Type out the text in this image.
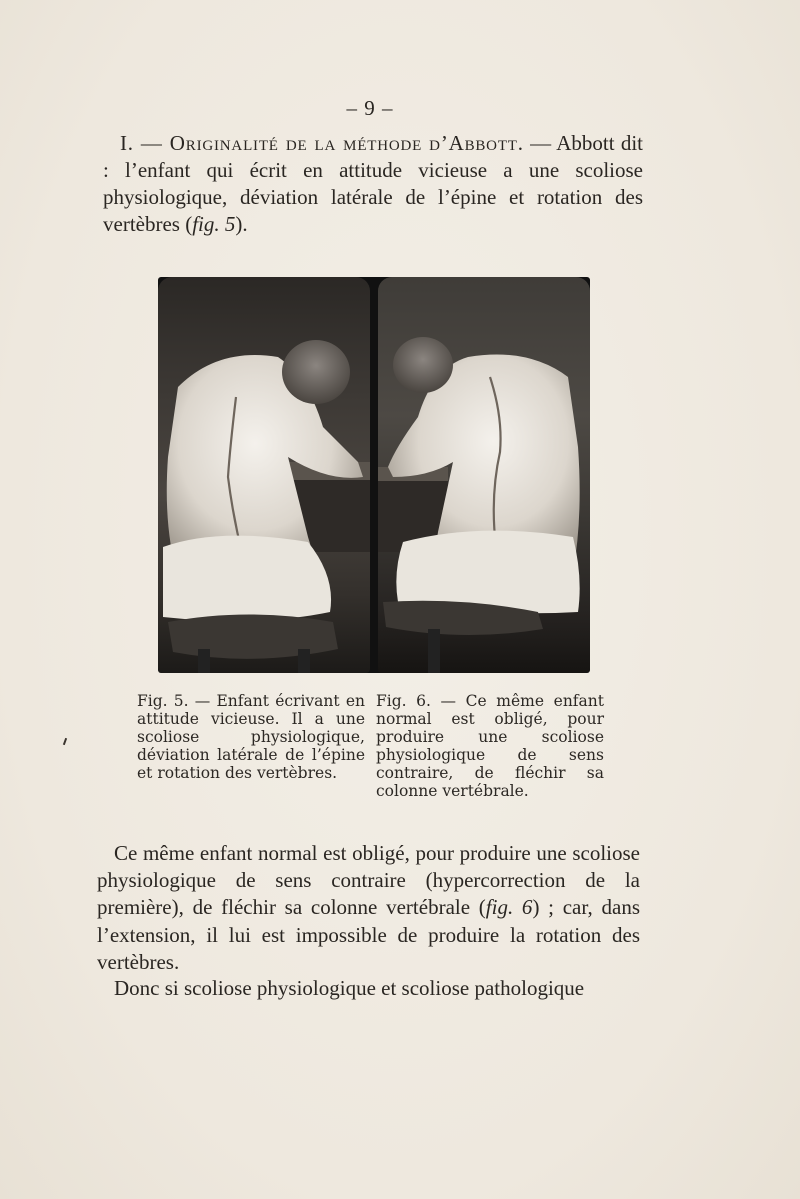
– 9 –

I. — Originalité de la méthode d’Abbott. — Abbott dit : l’enfant qui écrit en attitude vicieuse a une scoliose physiologique, déviation latérale de l’épine et rotation des vertèbres (fig. 5).

Fig. 5. — Enfant écrivant en attitude vicieuse. Il a une scoliose physiologique, déviation latérale de l’épine et rotation des vertèbres.
Fig. 6. — Ce même enfant normal est obligé, pour produire une scoliose physiologique de sens contraire, de fléchir sa colonne vertébrale.

Ce même enfant normal est obligé, pour produire une scoliose physiologique de sens contraire (hypercorrection de la première), de fléchir sa colonne vertébrale (fig. 6) ; car, dans l’extension, il lui est impossible de produire la rotation des vertèbres.

Donc si scoliose physiologique et scoliose pathologique
